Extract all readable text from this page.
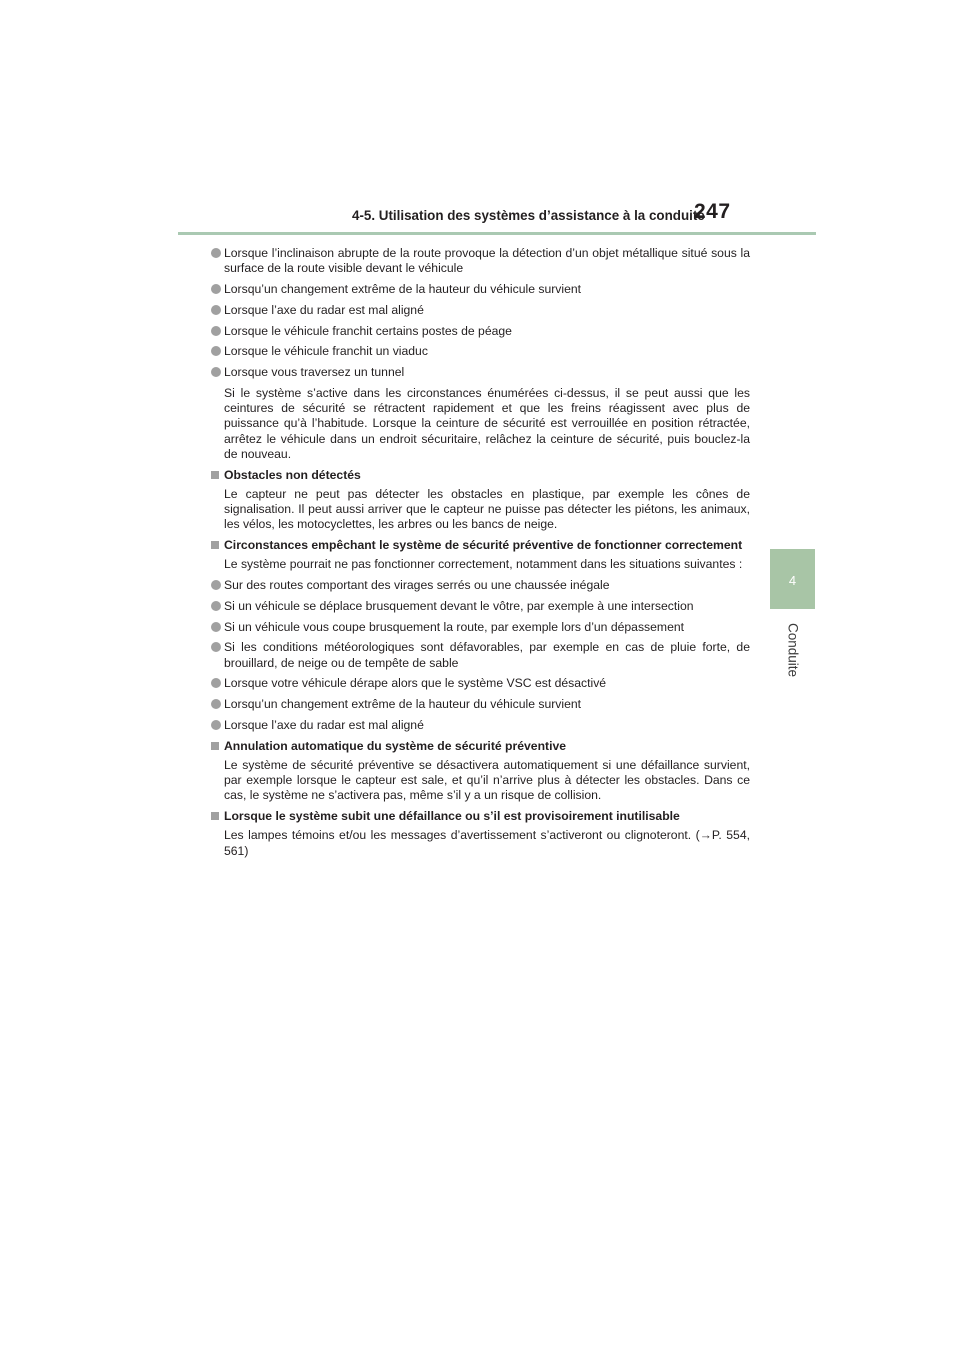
4-5. Utilisation des systèmes d’assistance à la conduite
247
4
Conduite
Lorsque l’inclinaison abrupte de la route provoque la détection d’un objet métallique situé sous la surface de la route visible devant le véhicule
Lorsqu’un changement extrême de la hauteur du véhicule survient
Lorsque l’axe du radar est mal aligné
Lorsque le véhicule franchit certains postes de péage
Lorsque le véhicule franchit un viaduc
Lorsque vous traversez un tunnel
Si le système s’active dans les circonstances énumérées ci-dessus, il se peut aussi que les ceintures de sécurité se rétractent rapidement et que les freins réagissent avec plus de puissance qu’à l’habitude. Lorsque la ceinture de sécurité est verrouillée en position rétractée, arrêtez le véhicule dans un endroit sécuritaire, relâchez la ceinture de sécurité, puis bouclez-la de nouveau.
Obstacles non détectés
Le capteur ne peut pas détecter les obstacles en plastique, par exemple les cônes de signalisation. Il peut aussi arriver que le capteur ne puisse pas détecter les piétons, les animaux, les vélos, les motocyclettes, les arbres ou les bancs de neige.
Circonstances empêchant le système de sécurité préventive de fonctionner correctement
Le système pourrait ne pas fonctionner correctement, notamment dans les situations suivantes :
Sur des routes comportant des virages serrés ou une chaussée inégale
Si un véhicule se déplace brusquement devant le vôtre, par exemple à une intersection
Si un véhicule vous coupe brusquement la route, par exemple lors d’un dépassement
Si les conditions météorologiques sont défavorables, par exemple en cas de pluie forte, de brouillard, de neige ou de tempête de sable
Lorsque votre véhicule dérape alors que le système VSC est désactivé
Lorsqu’un changement extrême de la hauteur du véhicule survient
Lorsque l’axe du radar est mal aligné
Annulation automatique du système de sécurité préventive
Le système de sécurité préventive se désactivera automatiquement si une défaillance survient, par exemple lorsque le capteur est sale, et qu’il n’arrive plus à détecter les obstacles. Dans ce cas, le système ne s’activera pas, même s’il y a un risque de collision.
Lorsque le système subit une défaillance ou s’il est provisoirement inutilisable
Les lampes témoins et/ou les messages d’avertissement s’activeront ou clignoteront. (→P. 554, 561)
